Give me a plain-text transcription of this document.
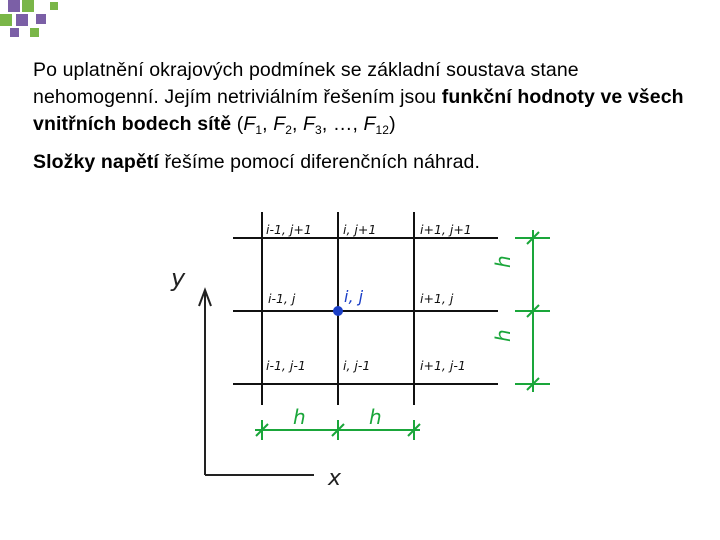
Po uplatnění okrajových podmínek se základní soustava stane nehomogenní. Jejím netriviálním řešením jsou funkční hodnoty ve všech vnitřních bodech sítě ($F_1$, $F_2$, $F_3$, …, $F_{12}$)

Složky napětí řešíme pomocí diferenčních náhrad.

y
x
i-1, j+1 i, j+1	i+1, j+1
i-1, j	i+1, j
i-1, j-1	i, j-1	i+1, j-1
i, j
h	h
h
h
